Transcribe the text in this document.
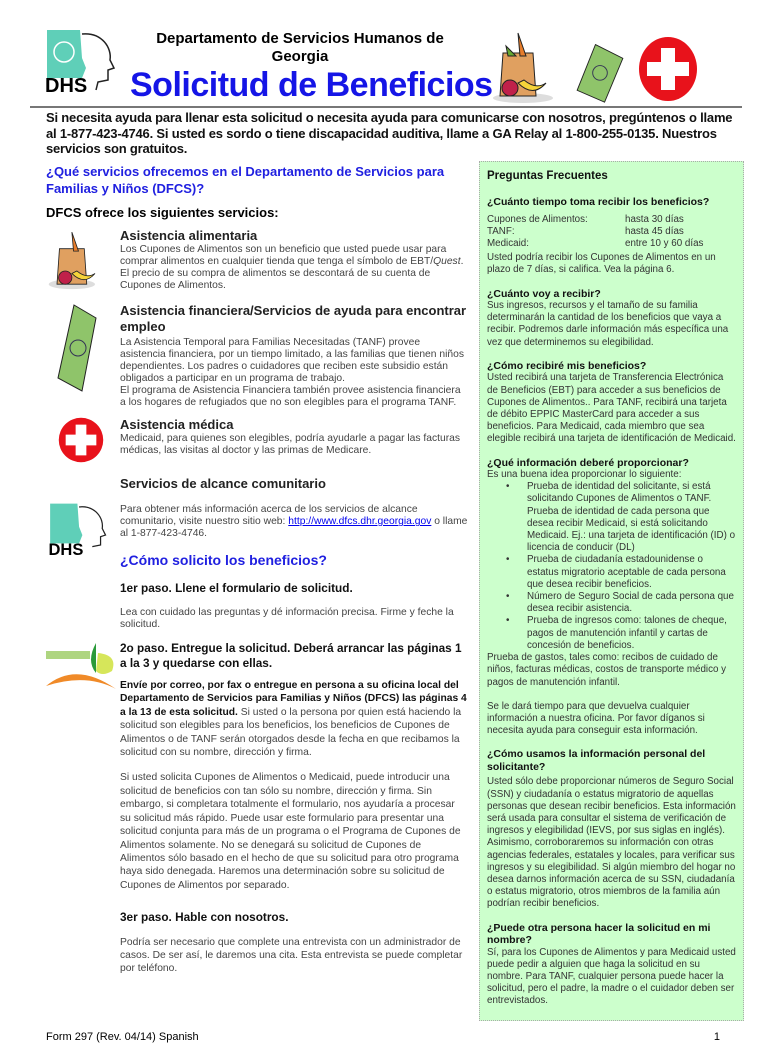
DHS
Departamento de Servicios Humanos de Georgia
Solicitud de Beneficios
Si necesita ayuda para llenar esta solicitud o necesita ayuda para comunicarse con nosotros, pregúntenos o llame al 1-877-423-4746. Si usted es sordo o tiene discapacidad auditiva, llame a GA Relay al 1-800-255-0135. Nuestros servicios son gratuitos.
¿Qué servicios ofrecemos en el Departamento de Servicios para Familias y Niños (DFCS)?
DFCS ofrece los siguientes servicios:
Asistencia alimentaria
Los Cupones de Alimentos son un beneficio que usted puede usar para comprar alimentos en cualquier tienda que tenga el símbolo de EBT/Quest. El precio de su compra de alimentos se descontará de su cuenta de Cupones de Alimentos.
Asistencia financiera/Servicios de ayuda para encontrar empleo
La Asistencia Temporal para Familias Necesitadas (TANF) provee asistencia financiera, por un tiempo limitado, a las familias que tienen niños dependientes. Los padres o cuidadores que reciben este subsidio están obligados a participar en un programa de trabajo.
El programa de Asistencia Financiera también provee asistencia financiera a los hogares de refugiados que no son elegibles para el programa TANF.
Asistencia médica
Medicaid, para quienes son elegibles, podría ayudarle a pagar las facturas médicas, las visitas al doctor y las primas de Medicare.
DHS
Servicios de alcance comunitario
Para obtener más información acerca de los servicios de alcance comunitario, visite nuestro sitio web: http://www.dfcs.dhr.georgia.gov o llame al 1-877-423-4746.
¿Cómo solicito los beneficios?
1er paso. Llene el formulario de solicitud.
Lea con cuidado las preguntas y dé información precisa. Firme y feche la solicitud.
2o paso. Entregue la solicitud. Deberá arrancar las páginas 1 a la 3 y quedarse con ellas.
Envíe por correo, por fax o entregue en persona a su oficina local del Departamento de Servicios para Familias y Niños (DFCS) las páginas 4 a la 13 de esta solicitud. Si usted o la persona por quien está haciendo la solicitud son elegibles para los beneficios, los beneficios de Cupones de Alimentos o de TANF serán otorgados desde la fecha en que recibamos la solicitud con su nombre, dirección y firma.
Si usted solicita Cupones de Alimentos o Medicaid, puede introducir una solicitud de beneficios con tan sólo su nombre, dirección y firma. Sin embargo, si completara totalmente el formulario, nos ayudaría a procesar su solicitud más rápido. Puede usar este formulario para presentar una solicitud conjunta para más de un programa o el Programa de Cupones de Alimentos solamente. No se denegará su solicitud de Cupones de Alimentos sólo basado en el hecho de que su solicitud para otro programa haya sido denegada. Haremos una determinación sobre su solicitud de Cupones de Alimentos por separado.
3er paso. Hable con nosotros.
Podría ser necesario que complete una entrevista con un administrador de casos. De ser así, le daremos una cita. Esta entrevista se puede completar por teléfono.
Preguntas Frecuentes
¿Cuánto tiempo toma recibir los beneficios?
Cupones de Alimentos:	hasta 30 días
TANF:	hasta 45 días
Medicaid:	entre 10 y 60 días
Usted podría recibir los Cupones de Alimentos en un plazo de 7 días, si califica. Vea la página 6.
¿Cuánto voy a recibir?
Sus ingresos, recursos y el tamaño de su familia determinarán la cantidad de los beneficios que vaya a recibir. Podremos darle información más específica una vez que determinemos su elegibilidad.
¿Cómo recibiré mis beneficios?
Usted recibirá una tarjeta de Transferencia Electrónica de Beneficios (EBT) para acceder a sus beneficios de Cupones de Alimentos.. Para TANF, recibirá una tarjeta de débito EPPIC MasterCard para acceder a sus beneficios. Para Medicaid, cada miembro que sea elegible recibirá una tarjeta de identificación de Medicaid.
¿Qué información deberé proporcionar?
Es una buena idea proporcionar lo siguiente:
• Prueba de identidad del solicitante, si está solicitando Cupones de Alimentos o TANF. Prueba de identidad de cada persona que desea recibir Medicaid, si está solicitando Medicaid. Ej.: una tarjeta de identificación (ID) o licencia de conducir (DL)
• Prueba de ciudadanía estadounidense o estatus migratorio aceptable de cada persona que desea recibir beneficios.
• Número de Seguro Social de cada persona que desea recibir asistencia.
• Prueba de ingresos como: talones de cheque, pagos de manutención infantil y cartas de concesión de beneficios.
Prueba de gastos, tales como: recibos de cuidado de niños, facturas médicas, costos de transporte médico y pagos de manutención infantil.
Se le dará tiempo para que devuelva cualquier información a nuestra oficina. Por favor díganos si necesita ayuda para conseguir esta información.
¿Cómo usamos la información personal del solicitante?
Usted sólo debe proporcionar números de Seguro Social (SSN) y ciudadanía o estatus migratorio de aquellas personas que desean recibir beneficios. Esta información será usada para consultar el sistema de verificación de ingresos y elegibilidad (IEVS, por sus siglas en inglés). Asimismo, corroboraremos su información con otras agencias federales, estatales y locales, para verificar sus ingresos y su elegibilidad. Si algún miembro del hogar no desea darnos información acerca de su SSN, ciudadanía o estatus migratorio, otros miembros de la familia aún podrían recibir beneficios.
¿Puede otra persona hacer la solicitud en mi nombre?
Sí, para los Cupones de Alimentos y para Medicaid usted puede pedir a alguien que haga la solicitud en su nombre. Para TANF, cualquier persona puede hacer la solicitud, pero el padre, la madre o el cuidador deben ser entrevistados.
Form 297 (Rev. 04/14) Spanish	1
